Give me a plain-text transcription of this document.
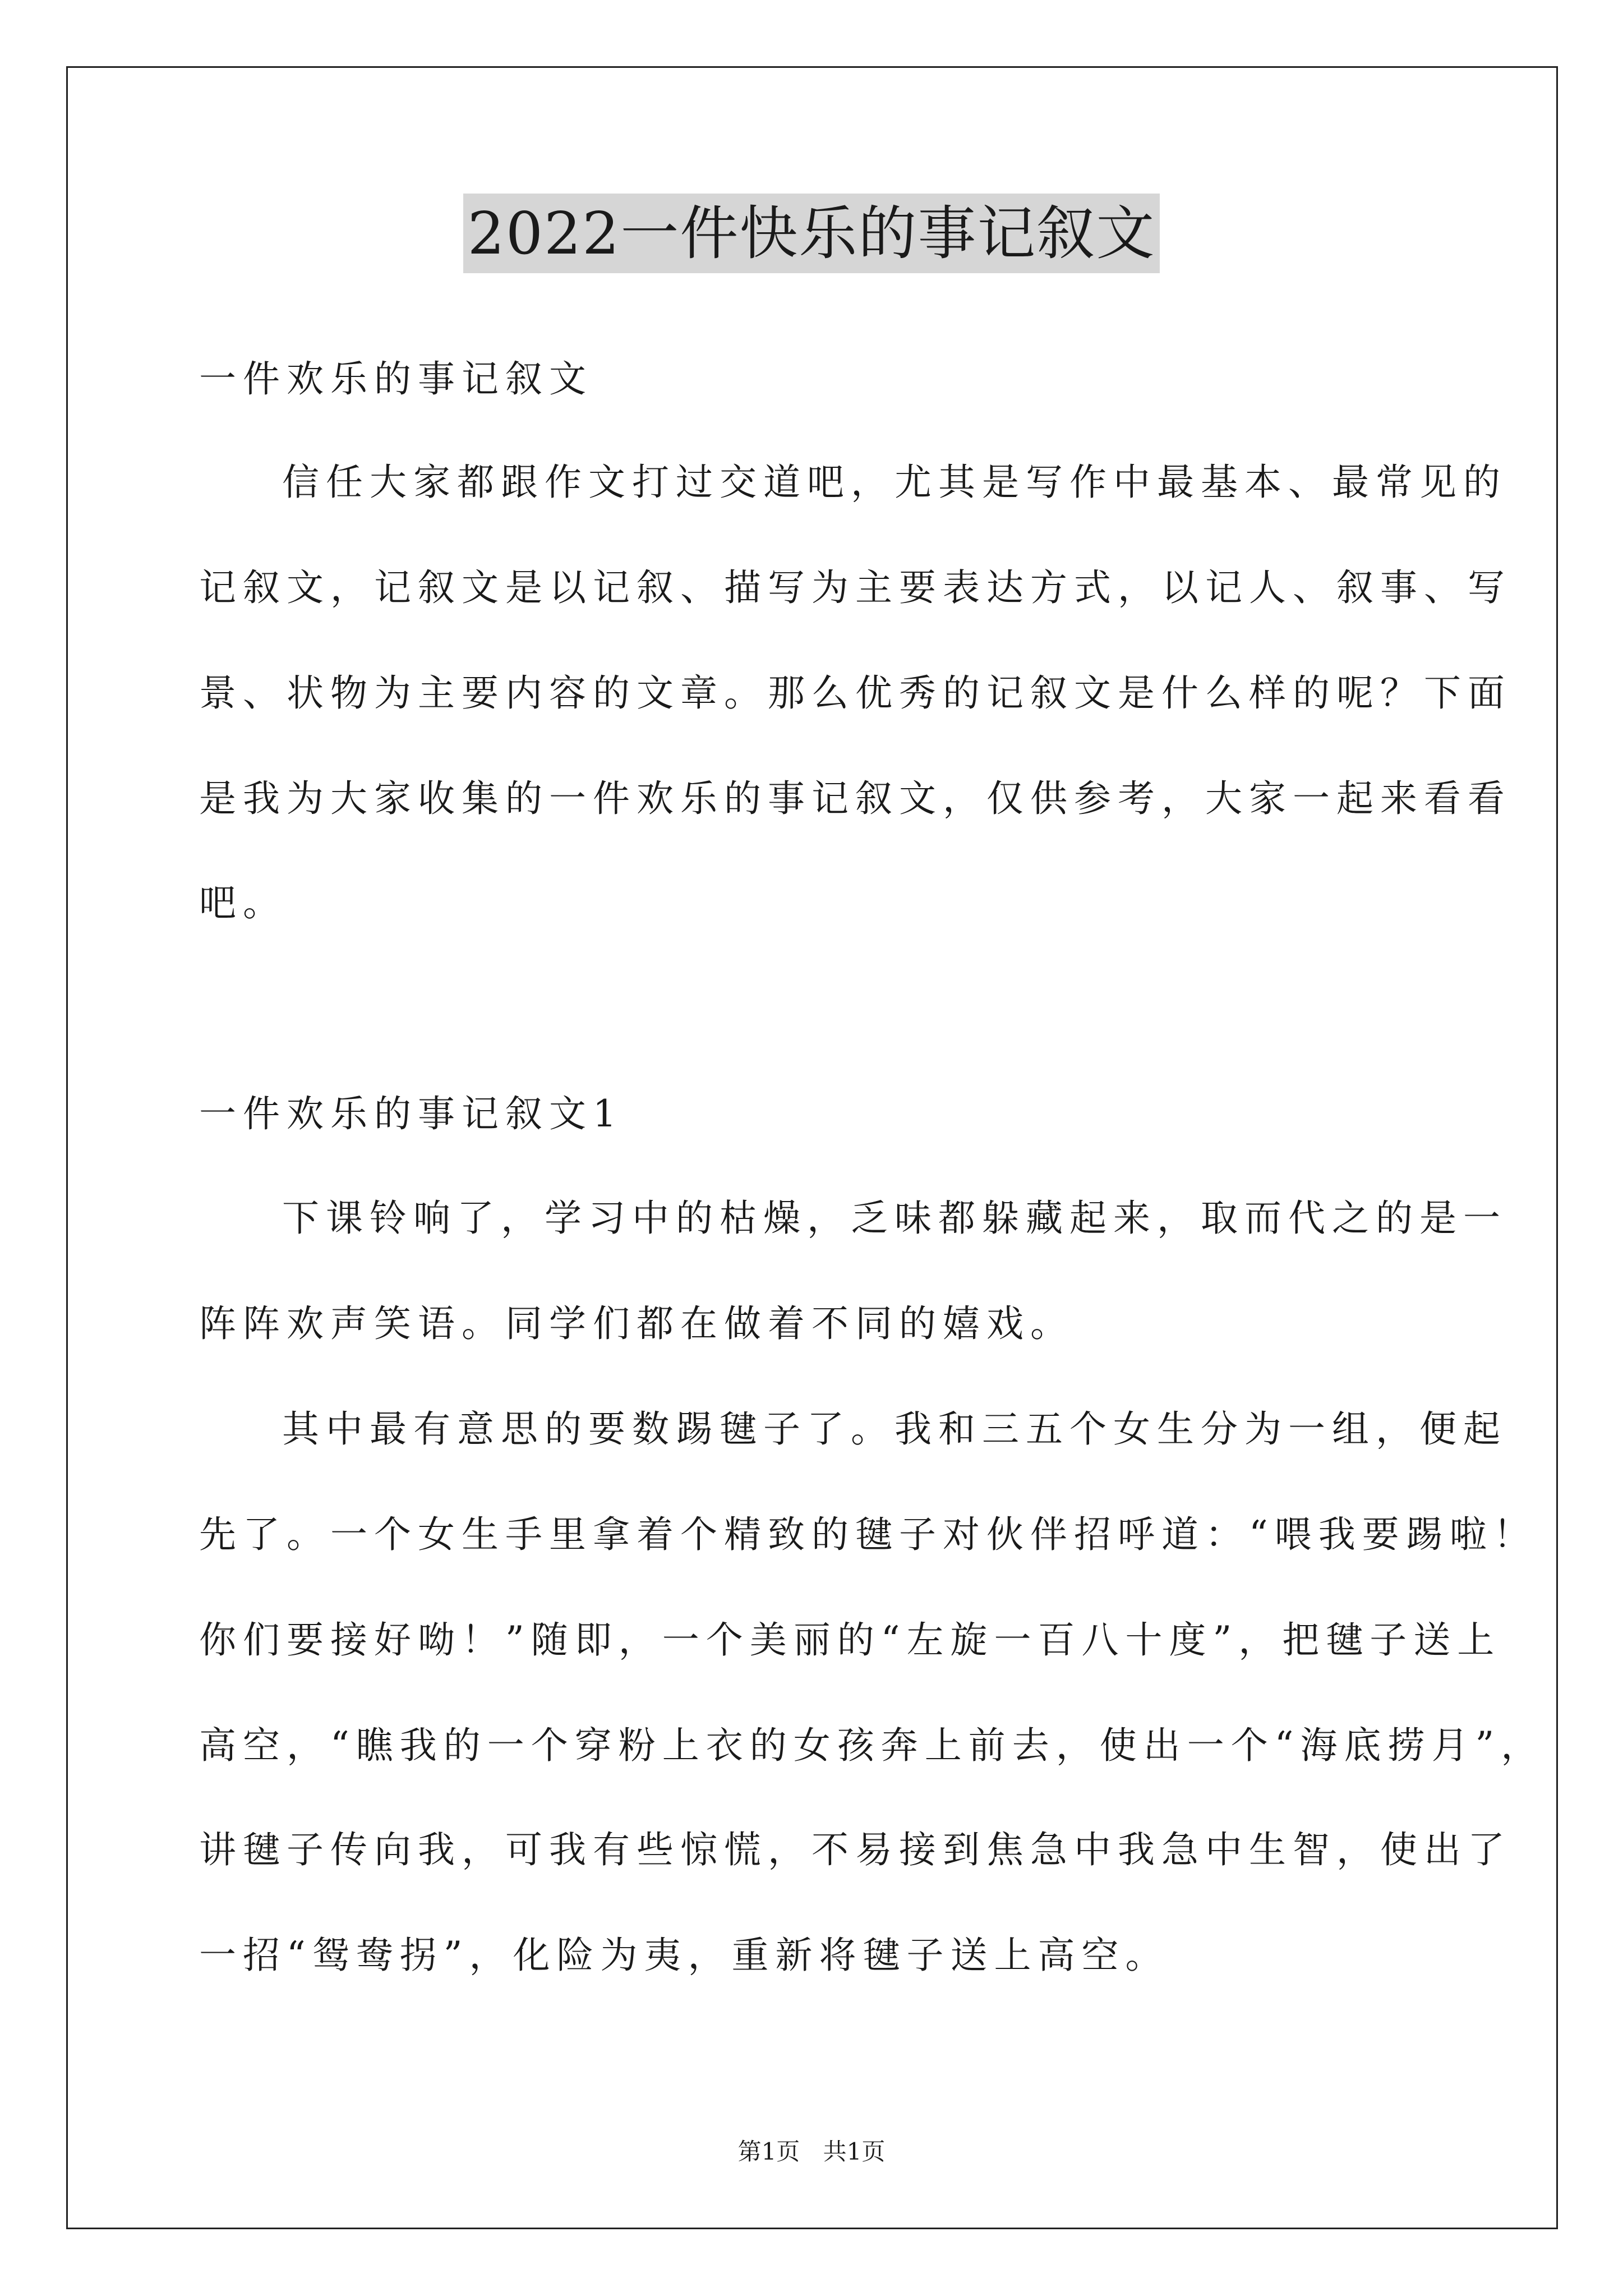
2022一件快乐的事记叙文
一件欢乐的事记叙文
信任大家都跟作文打过交道吧，尤其是写作中最基本、最常见的
记叙文，记叙文是以记叙、描写为主要表达方式，以记人、叙事、写
景、状物为主要内容的文章。那么优秀的记叙文是什么样的呢？下面
是我为大家收集的一件欢乐的事记叙文，仅供参考，大家一起来看看
吧。
一件欢乐的事记叙文1
下课铃响了，学习中的枯燥，乏味都躲藏起来，取而代之的是一
阵阵欢声笑语。同学们都在做着不同的嬉戏。
其中最有意思的要数踢毽子了。我和三五个女生分为一组，便起
先了。一个女生手里拿着个精致的毽子对伙伴招呼道：“喂我要踢啦！
你们要接好呦！”随即，一个美丽的“左旋一百八十度”，把毽子送上
高空，“瞧我的一个穿粉上衣的女孩奔上前去，使出一个“海底捞月”，
讲毽子传向我，可我有些惊慌，不易接到焦急中我急中生智，使出了
一招“鸳鸯拐”，化险为夷，重新将毽子送上高空。
第1页 共1页
